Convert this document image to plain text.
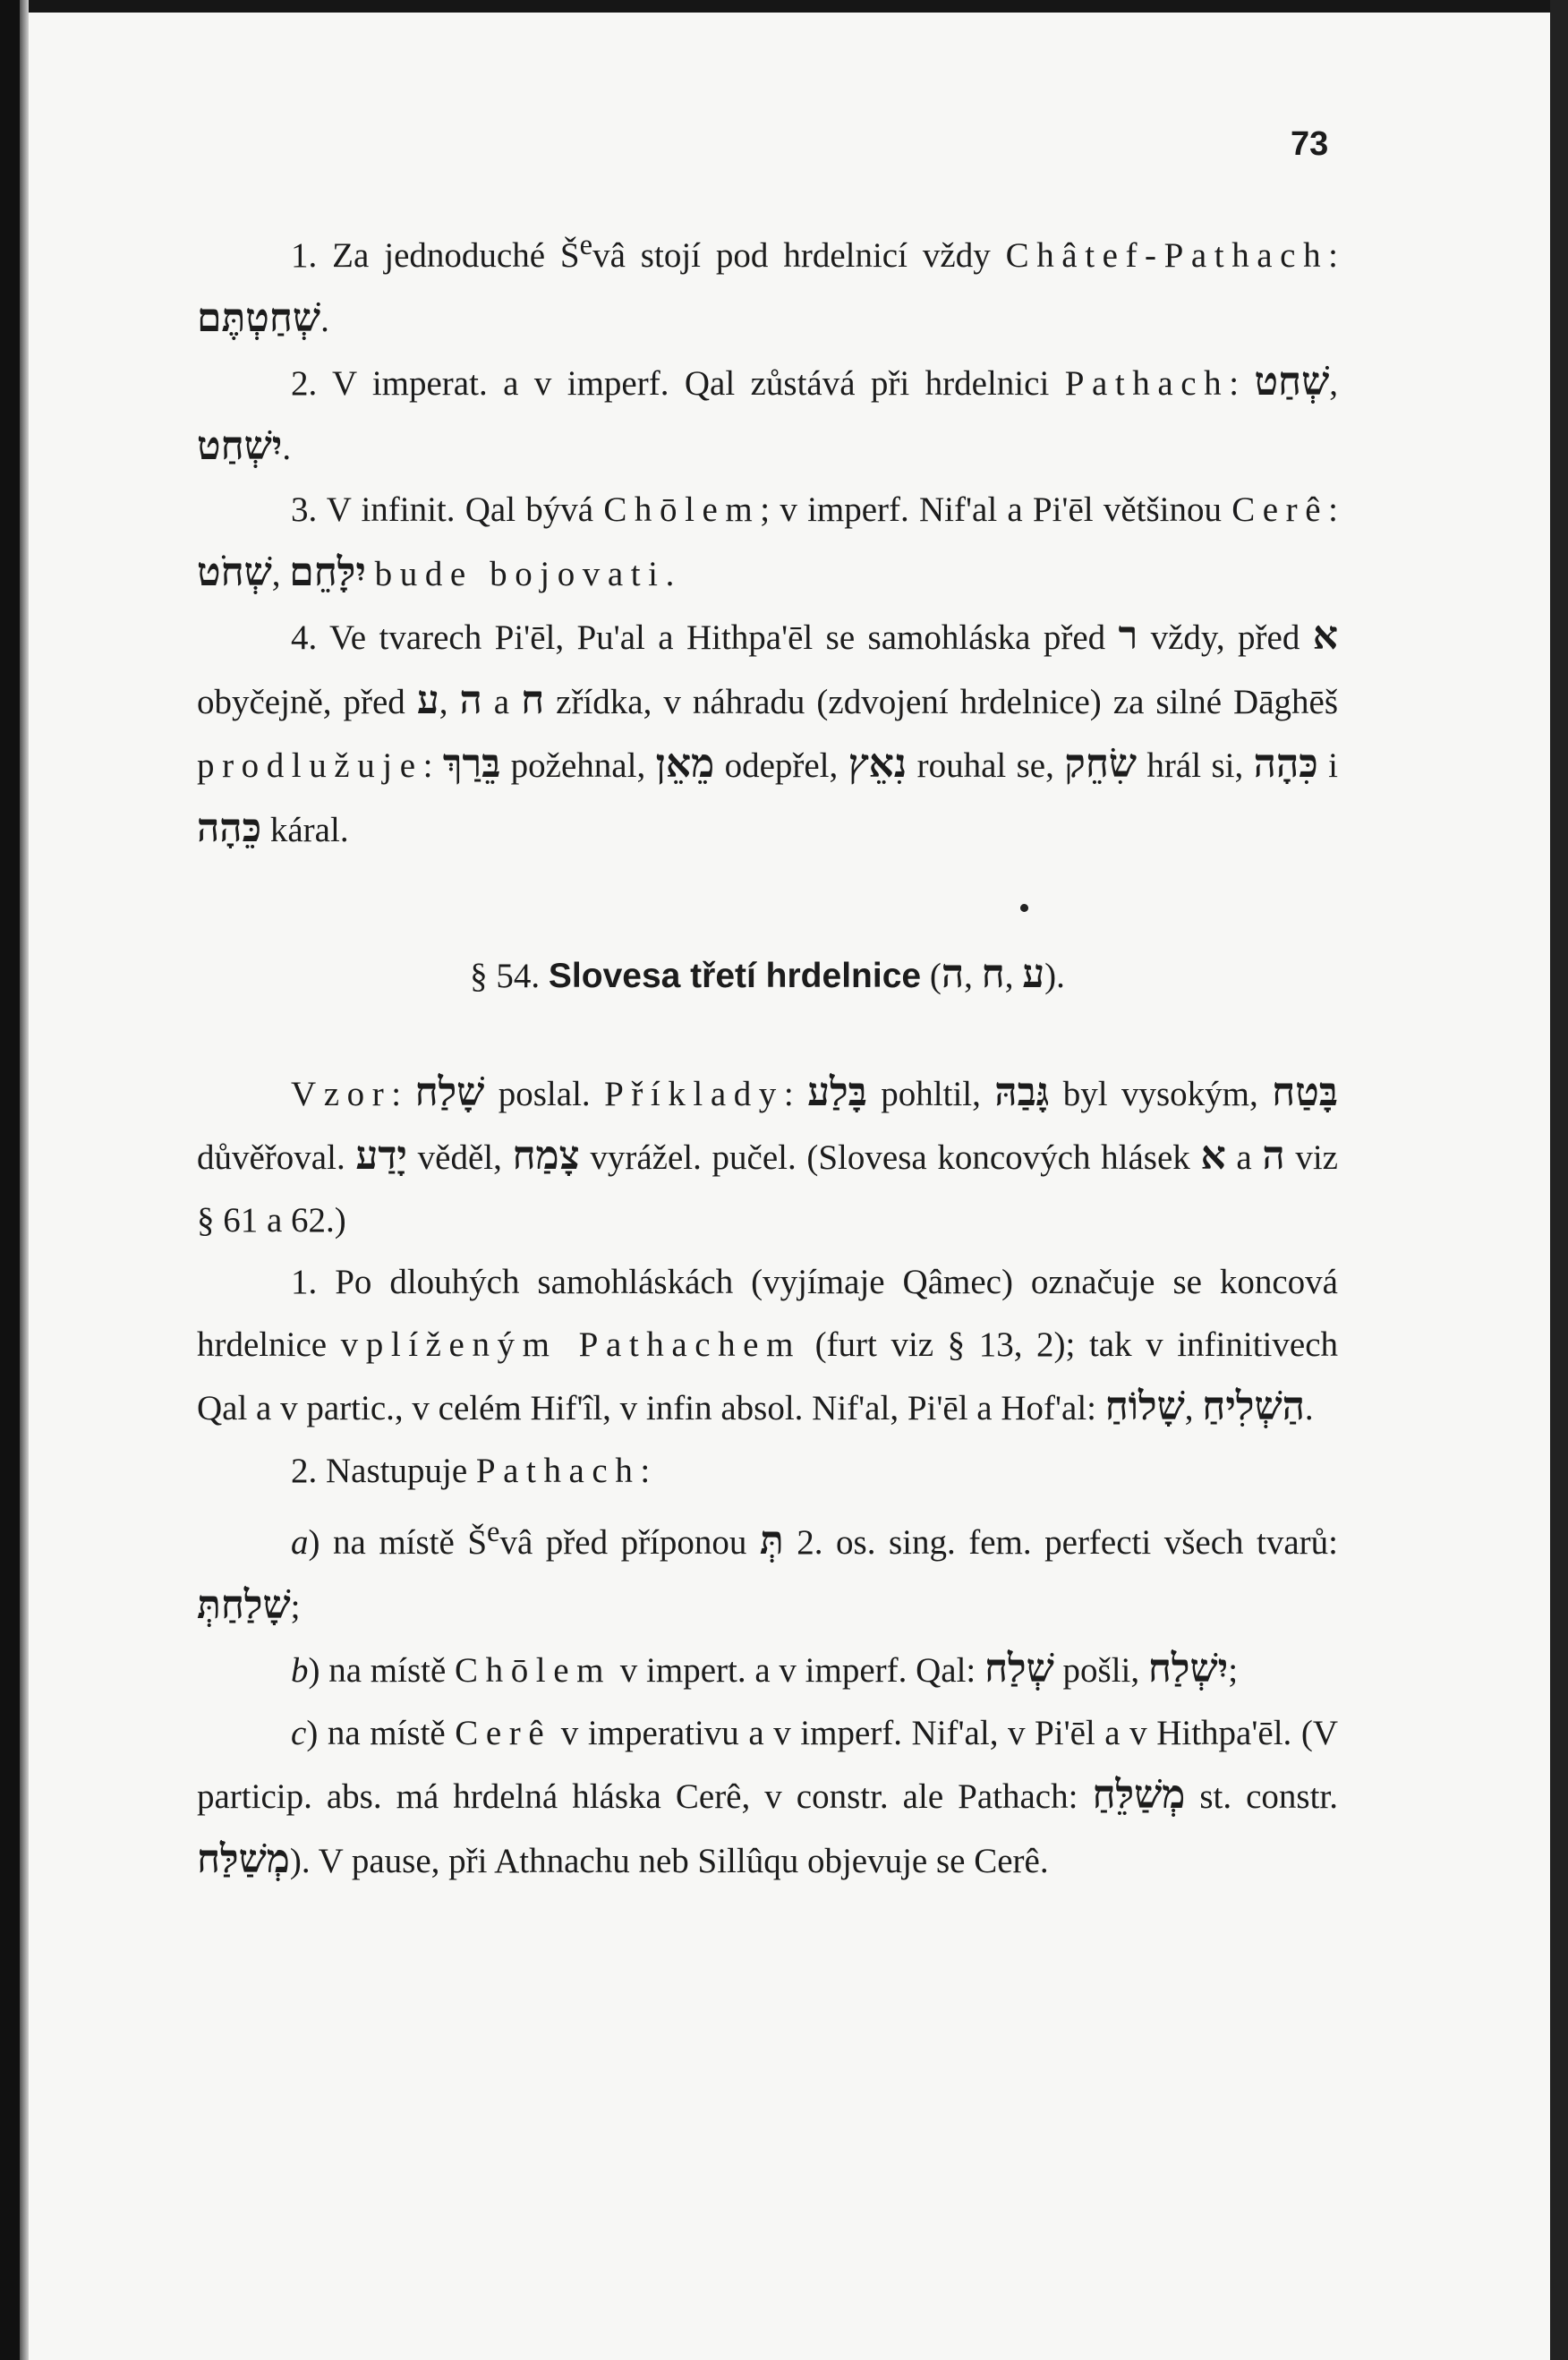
73

1. Za jednoduché $Š^evâ$ stojí pod hrdelnicí vždy Châtef-Pathach: שְׁחַטְתֶּם.

2. V imperat. a v imperf. Qal zůstává při hrdelnici Pathach: שְׁחַט, יִשְׁחַט.

3. V infinit. Qal bývá Chōlem; v imperf. Nif'al a Pi'ēl většinou Cerê: שְׁחֹט, יִלָּחֵם bude bojovati.

4. Ve tvarech Pi'ēl, Pu'al a Hithpa'ēl se samohláska před ר vždy, před א obyčejně, před ע, ה a ח zřídka, v náhradu (zdvojení hrdelnice) za silné Dāghēš prodlužuje: בֵּרַךְ požehnal, מֵאֵן odepřel, נִאֵץ rouhal se, שִׂחֵק hrál si, כִּהָה i כֵּהָה káral.

§ 54. Slovesa třetí hrdelnice (ה, ח, ע).

Vzor: שָׁלַח poslal. Příklady: בָּלַע pohltil, גָּבַהּ byl vysokým, בָּטַח důvěřoval. יָדַע věděl, צָמַח vyrážel. pučel. (Slovesa koncových hlásek א a ה viz § 61 a 62.)

1. Po dlouhých samohláskách (vyjímaje Qâmec) označuje se koncová hrdelnice vplíženým Pathachem (furt viz § 13, 2); tak v infinitivech Qal a v partic., v celém Hif'îl, v infin absol. Nif'al, Pi'ēl a Hof'al: שָׁלוֹחַ, הַשְׁלִיחַ.

2. Nastupuje Pathach:

a) na místě $Š^evâ$ před příponou תְּ 2. os. sing. fem. perfecti všech tvarů: שָׁלַחַתְּ;

b) na místě Chōlem v impert. a v imperf. Qal: שְׁלַח pošli, יִשְׁלַח;

c) na místě Cerê v imperativu a v imperf. Nif'al, v Pi'ēl a v Hithpa'ēl. (V particip. abs. má hrdelná hláska Cerê, v constr. ale Pathach: מְשַׁלֵּחַ st. constr. מְשַׁלַּח). V pause, při Athnachu neb Sillûqu objevuje se Cerê.
